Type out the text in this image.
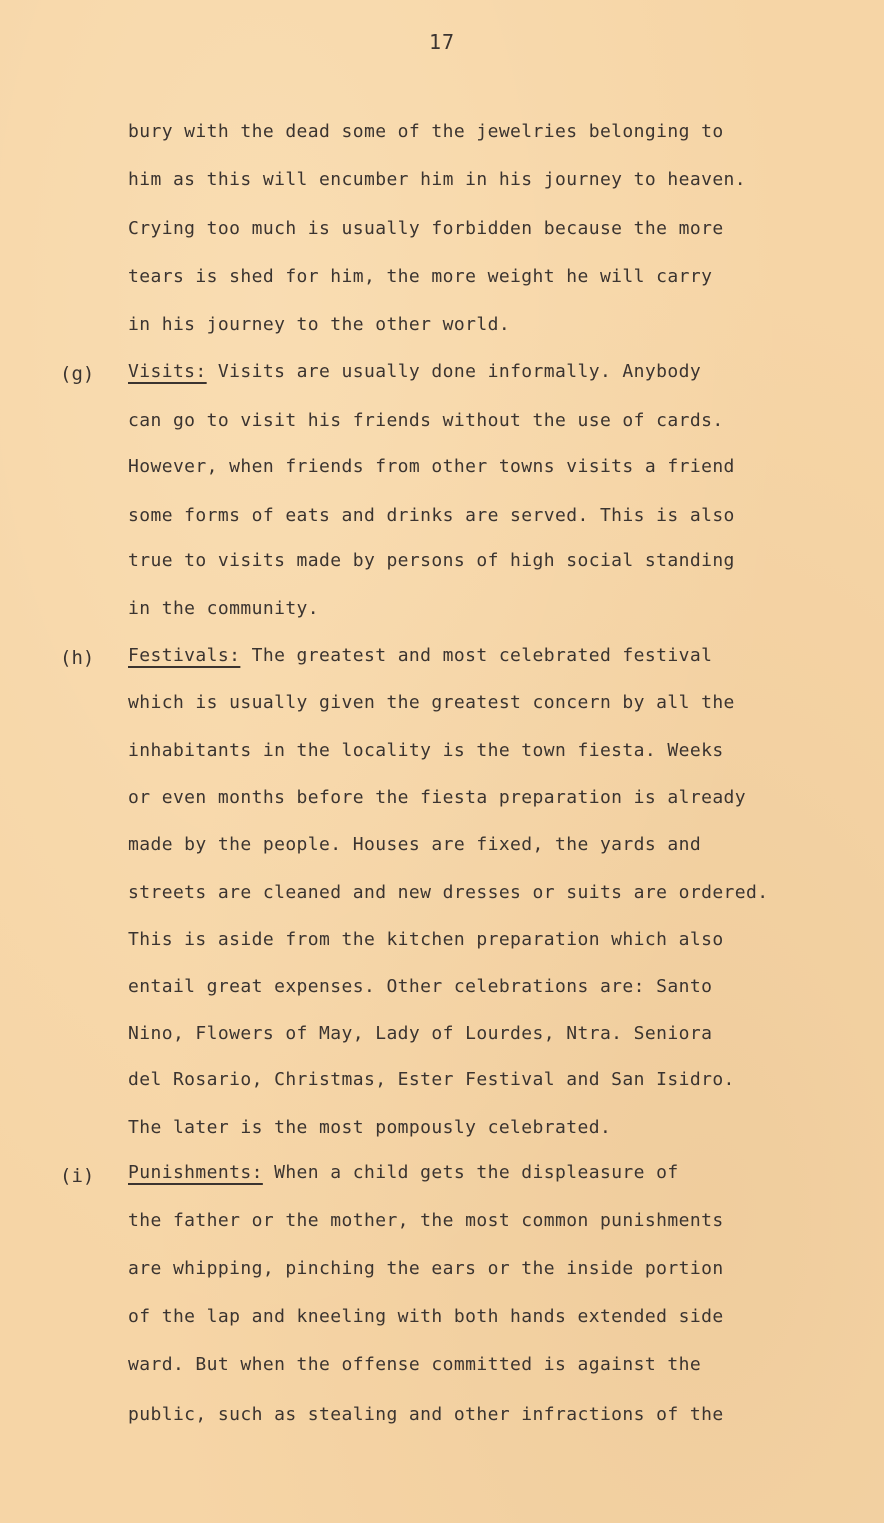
17
bury with the dead some of the jewelries belonging to
him as this will encumber him in his journey to heaven.
Crying too much is usually forbidden because the more
tears is shed for him, the more weight he will carry
in his journey to the other world.
(g) Visits: Visits are usually done informally. Anybody
can go to visit his friends without the use of cards.
However, when friends from other towns visits a friend
some forms of eats and drinks are served. This is also
true to visits made by persons of high social standing
in the community.
(h) Festivals: The greatest and most celebrated festival
which is usually given the greatest concern by all the
inhabitants in the locality is the town fiesta. Weeks
or even months before the fiesta preparation is already
made by the people. Houses are fixed, the yards and
streets are cleaned and new dresses or suits are ordered.
This is aside from the kitchen preparation which also
entail great expenses. Other celebrations are: Santo
Nino, Flowers of May, Lady of Lourdes, Ntra. Seniora
del Rosario, Christmas, Ester Festival and San Isidro.
The later is the most pompously celebrated.
(i) Punishments: When a child gets the displeasure of
the father or the mother, the most common punishments
are whipping, pinching the ears or the inside portion
of the lap and kneeling with both hands extended side
ward. But when the offense committed is against the
public, such as stealing and other infractions of the
